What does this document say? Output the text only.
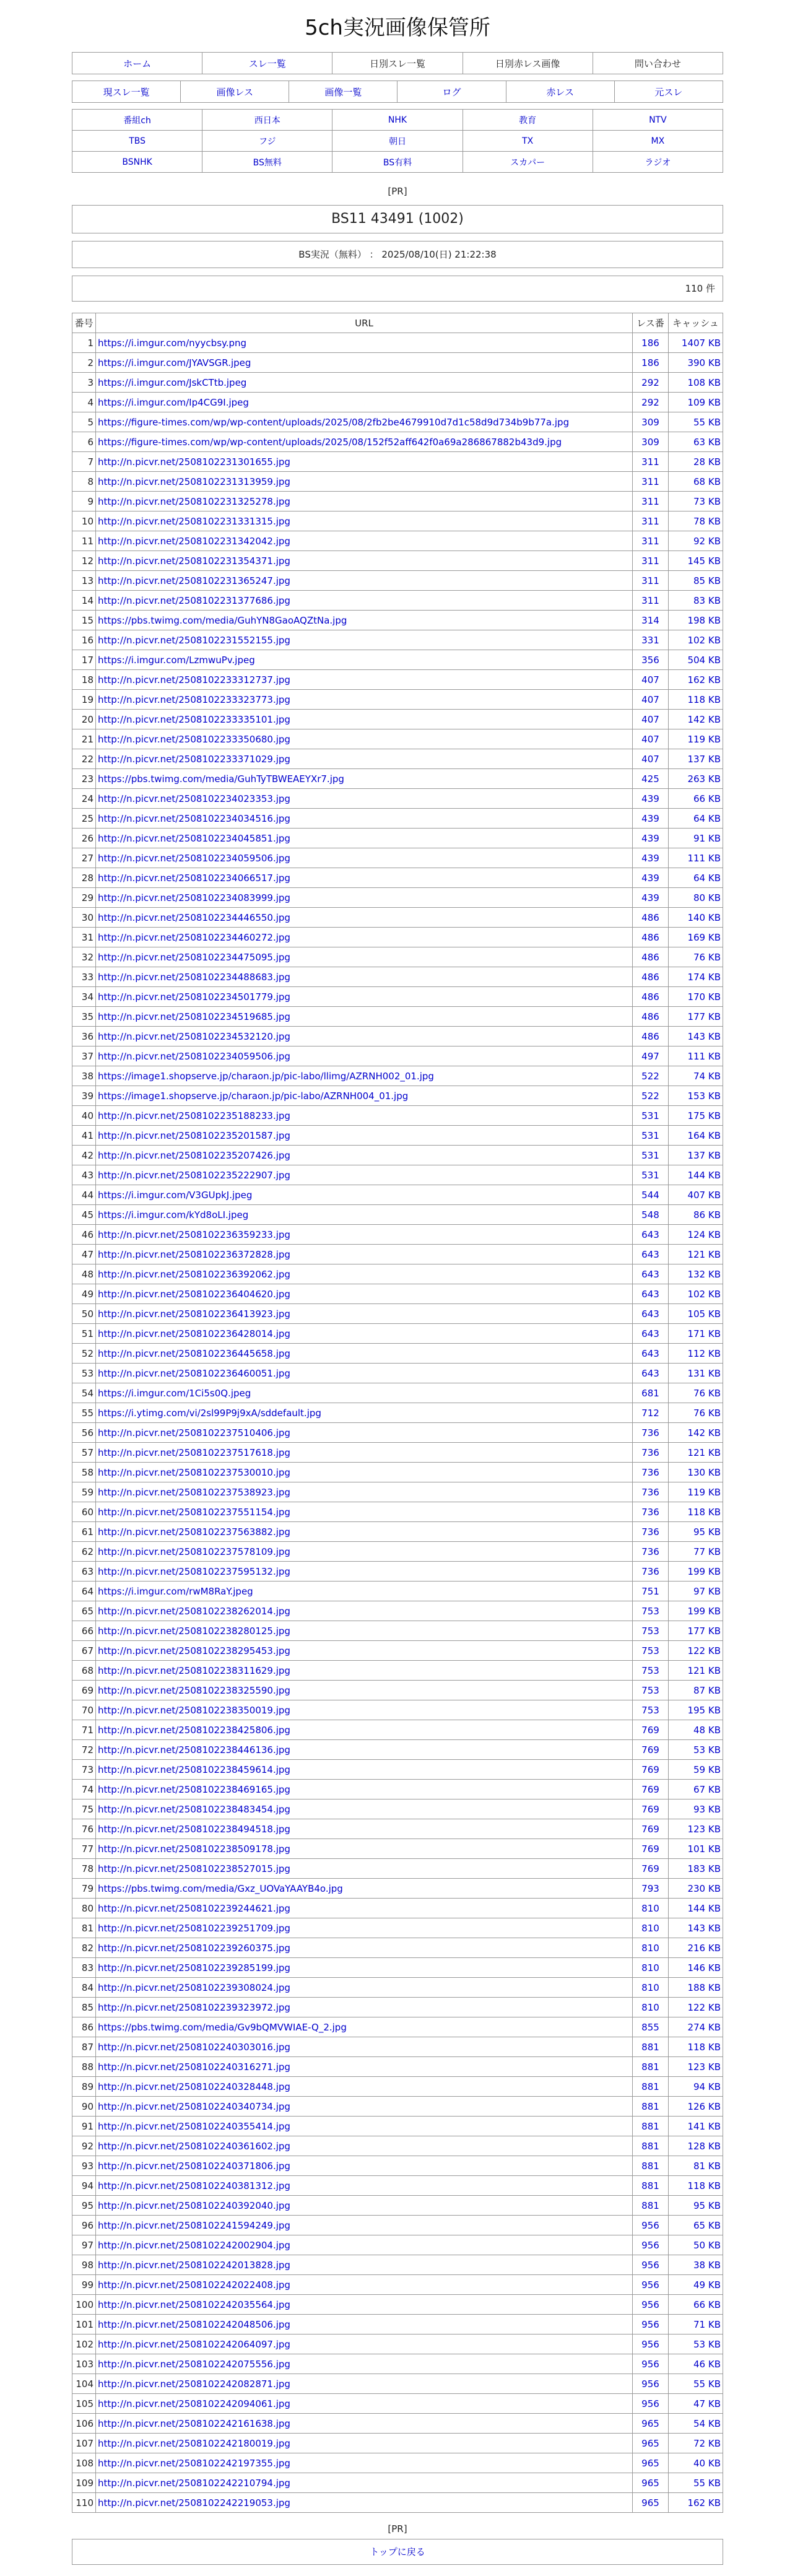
5ch実況画像保管所
ホーム	スレ一覧	日別スレ一覧	日別赤レス画像	問い合わせ
現スレ一覧	画像レス	画像一覧	ログ	赤レス	元スレ
番組ch	西日本	NHK	教育	NTV
TBS	フジ	朝日	TX	MX
BSNHK	BS無料	BS有料	スカパー	ラジオ
[PR]
BS11 43491 (1002)
BS実況（無料） ： 2025/08/10(日) 21:22:38
110 件
番号	URL	レス番	キャッシュ
1	https://i.imgur.com/nyycbsy.png	186	1407 KB
2	https://i.imgur.com/JYAVSGR.jpeg	186	390 KB
3	https://i.imgur.com/JskCTtb.jpeg	292	108 KB
4	https://i.imgur.com/Ip4CG9I.jpeg	292	109 KB
5	https://figure-times.com/wp/wp-content/uploads/2025/08/2fb2be4679910d7d1c58d9d734b9b77a.jpg	309	55 KB
6	https://figure-times.com/wp/wp-content/uploads/2025/08/152f52aff642f0a69a286867882b43d9.jpg	309	63 KB
7	http://n.picvr.net/2508102231301655.jpg	311	28 KB
8	http://n.picvr.net/2508102231313959.jpg	311	68 KB
9	http://n.picvr.net/2508102231325278.jpg	311	73 KB
10	http://n.picvr.net/2508102231331315.jpg	311	78 KB
11	http://n.picvr.net/2508102231342042.jpg	311	92 KB
12	http://n.picvr.net/2508102231354371.jpg	311	145 KB
13	http://n.picvr.net/2508102231365247.jpg	311	85 KB
14	http://n.picvr.net/2508102231377686.jpg	311	83 KB
15	https://pbs.twimg.com/media/GuhYN8GaoAQZtNa.jpg	314	198 KB
16	http://n.picvr.net/2508102231552155.jpg	331	102 KB
17	https://i.imgur.com/LzmwuPv.jpeg	356	504 KB
18	http://n.picvr.net/2508102233312737.jpg	407	162 KB
19	http://n.picvr.net/2508102233323773.jpg	407	118 KB
20	http://n.picvr.net/2508102233335101.jpg	407	142 KB
21	http://n.picvr.net/2508102233350680.jpg	407	119 KB
22	http://n.picvr.net/2508102233371029.jpg	407	137 KB
23	https://pbs.twimg.com/media/GuhTyTBWEAEYXr7.jpg	425	263 KB
24	http://n.picvr.net/2508102234023353.jpg	439	66 KB
25	http://n.picvr.net/2508102234034516.jpg	439	64 KB
26	http://n.picvr.net/2508102234045851.jpg	439	91 KB
27	http://n.picvr.net/2508102234059506.jpg	439	111 KB
28	http://n.picvr.net/2508102234066517.jpg	439	64 KB
29	http://n.picvr.net/2508102234083999.jpg	439	80 KB
30	http://n.picvr.net/2508102234446550.jpg	486	140 KB
31	http://n.picvr.net/2508102234460272.jpg	486	169 KB
32	http://n.picvr.net/2508102234475095.jpg	486	76 KB
33	http://n.picvr.net/2508102234488683.jpg	486	174 KB
34	http://n.picvr.net/2508102234501779.jpg	486	170 KB
35	http://n.picvr.net/2508102234519685.jpg	486	177 KB
36	http://n.picvr.net/2508102234532120.jpg	486	143 KB
37	http://n.picvr.net/2508102234059506.jpg	497	111 KB
38	https://image1.shopserve.jp/charaon.jp/pic-labo/llimg/AZRNH002_01.jpg	522	74 KB
39	https://image1.shopserve.jp/charaon.jp/pic-labo/AZRNH004_01.jpg	522	153 KB
40	http://n.picvr.net/2508102235188233.jpg	531	175 KB
41	http://n.picvr.net/2508102235201587.jpg	531	164 KB
42	http://n.picvr.net/2508102235207426.jpg	531	137 KB
43	http://n.picvr.net/2508102235222907.jpg	531	144 KB
44	https://i.imgur.com/V3GUpkJ.jpeg	544	407 KB
45	https://i.imgur.com/kYd8oLI.jpeg	548	86 KB
46	http://n.picvr.net/2508102236359233.jpg	643	124 KB
47	http://n.picvr.net/2508102236372828.jpg	643	121 KB
48	http://n.picvr.net/2508102236392062.jpg	643	132 KB
49	http://n.picvr.net/2508102236404620.jpg	643	102 KB
50	http://n.picvr.net/2508102236413923.jpg	643	105 KB
51	http://n.picvr.net/2508102236428014.jpg	643	171 KB
52	http://n.picvr.net/2508102236445658.jpg	643	112 KB
53	http://n.picvr.net/2508102236460051.jpg	643	131 KB
54	https://i.imgur.com/1Ci5s0Q.jpeg	681	76 KB
55	https://i.ytimg.com/vi/2sl99P9j9xA/sddefault.jpg	712	76 KB
56	http://n.picvr.net/2508102237510406.jpg	736	142 KB
57	http://n.picvr.net/2508102237517618.jpg	736	121 KB
58	http://n.picvr.net/2508102237530010.jpg	736	130 KB
59	http://n.picvr.net/2508102237538923.jpg	736	119 KB
60	http://n.picvr.net/2508102237551154.jpg	736	118 KB
61	http://n.picvr.net/2508102237563882.jpg	736	95 KB
62	http://n.picvr.net/2508102237578109.jpg	736	77 KB
63	http://n.picvr.net/2508102237595132.jpg	736	199 KB
64	https://i.imgur.com/rwM8RaY.jpeg	751	97 KB
65	http://n.picvr.net/2508102238262014.jpg	753	199 KB
66	http://n.picvr.net/2508102238280125.jpg	753	177 KB
67	http://n.picvr.net/2508102238295453.jpg	753	122 KB
68	http://n.picvr.net/2508102238311629.jpg	753	121 KB
69	http://n.picvr.net/2508102238325590.jpg	753	87 KB
70	http://n.picvr.net/2508102238350019.jpg	753	195 KB
71	http://n.picvr.net/2508102238425806.jpg	769	48 KB
72	http://n.picvr.net/2508102238446136.jpg	769	53 KB
73	http://n.picvr.net/2508102238459614.jpg	769	59 KB
74	http://n.picvr.net/2508102238469165.jpg	769	67 KB
75	http://n.picvr.net/2508102238483454.jpg	769	93 KB
76	http://n.picvr.net/2508102238494518.jpg	769	123 KB
77	http://n.picvr.net/2508102238509178.jpg	769	101 KB
78	http://n.picvr.net/2508102238527015.jpg	769	183 KB
79	https://pbs.twimg.com/media/Gxz_UOVaYAAYB4o.jpg	793	230 KB
80	http://n.picvr.net/2508102239244621.jpg	810	144 KB
81	http://n.picvr.net/2508102239251709.jpg	810	143 KB
82	http://n.picvr.net/2508102239260375.jpg	810	216 KB
83	http://n.picvr.net/2508102239285199.jpg	810	146 KB
84	http://n.picvr.net/2508102239308024.jpg	810	188 KB
85	http://n.picvr.net/2508102239323972.jpg	810	122 KB
86	https://pbs.twimg.com/media/Gv9bQMVWIAE-Q_2.jpg	855	274 KB
87	http://n.picvr.net/2508102240303016.jpg	881	118 KB
88	http://n.picvr.net/2508102240316271.jpg	881	123 KB
89	http://n.picvr.net/2508102240328448.jpg	881	94 KB
90	http://n.picvr.net/2508102240340734.jpg	881	126 KB
91	http://n.picvr.net/2508102240355414.jpg	881	141 KB
92	http://n.picvr.net/2508102240361602.jpg	881	128 KB
93	http://n.picvr.net/2508102240371806.jpg	881	81 KB
94	http://n.picvr.net/2508102240381312.jpg	881	118 KB
95	http://n.picvr.net/2508102240392040.jpg	881	95 KB
96	http://n.picvr.net/2508102241594249.jpg	956	65 KB
97	http://n.picvr.net/2508102242002904.jpg	956	50 KB
98	http://n.picvr.net/2508102242013828.jpg	956	38 KB
99	http://n.picvr.net/2508102242022408.jpg	956	49 KB
100	http://n.picvr.net/2508102242035564.jpg	956	66 KB
101	http://n.picvr.net/2508102242048506.jpg	956	71 KB
102	http://n.picvr.net/2508102242064097.jpg	956	53 KB
103	http://n.picvr.net/2508102242075556.jpg	956	46 KB
104	http://n.picvr.net/2508102242082871.jpg	956	55 KB
105	http://n.picvr.net/2508102242094061.jpg	956	47 KB
106	http://n.picvr.net/2508102242161638.jpg	965	54 KB
107	http://n.picvr.net/2508102242180019.jpg	965	72 KB
108	http://n.picvr.net/2508102242197355.jpg	965	40 KB
109	http://n.picvr.net/2508102242210794.jpg	965	55 KB
110	http://n.picvr.net/2508102242219053.jpg	965	162 KB
[PR]
トップに戻る
